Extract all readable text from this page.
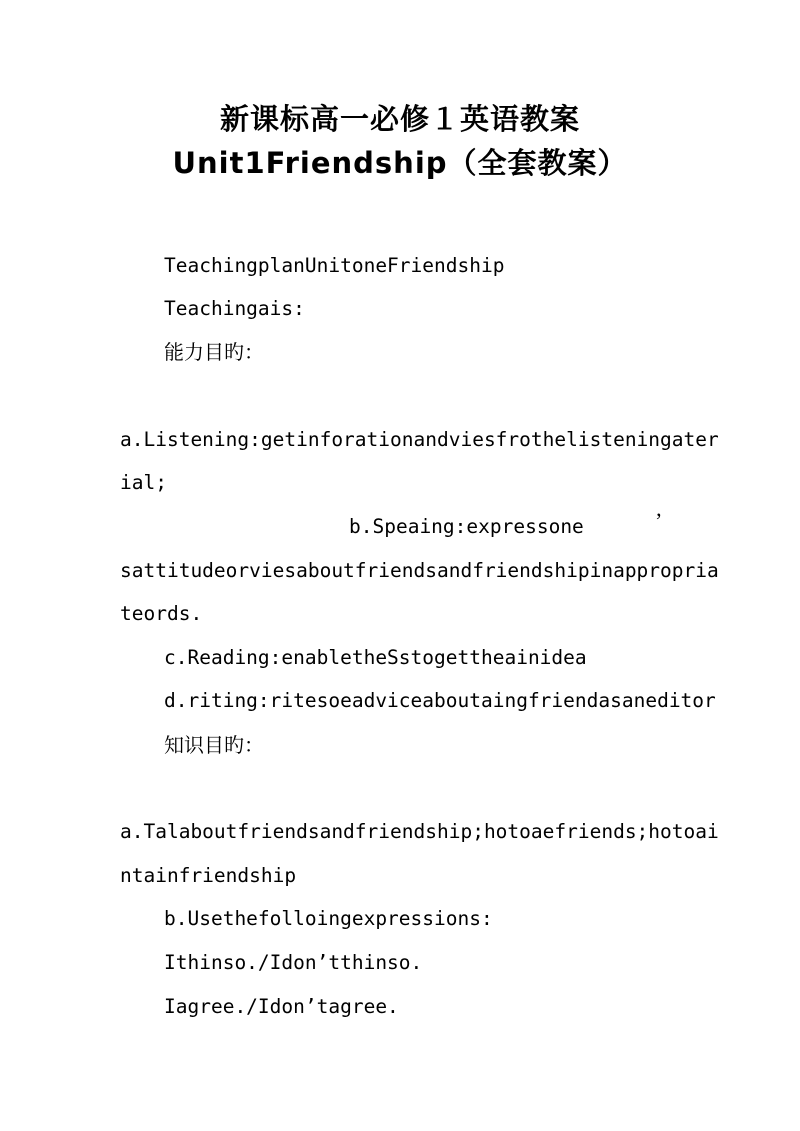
新课标高一必修１英语教案
Unit1Friendship（全套教案）
TeachingplanUnitoneFriendship
Teachingais:
能力目旳：
a.Listening:getinforationandviesfrothelisteningater
ial;
b.Speaing:expressone	’
sattitudeorviesaboutfriendsandfriendshipinappropria
teords.
c.Reading:enabletheSstogettheainidea
d.riting:ritesoeadviceaboutaingfriendasaneditor
知识目旳：
a.Talaboutfriendsandfriendship;hotoaefriends;hotoai
ntainfriendship
b.Usethefolloingexpressions:
Ithinso./Idon’tthinso.
Iagree./Idon’tagree.
